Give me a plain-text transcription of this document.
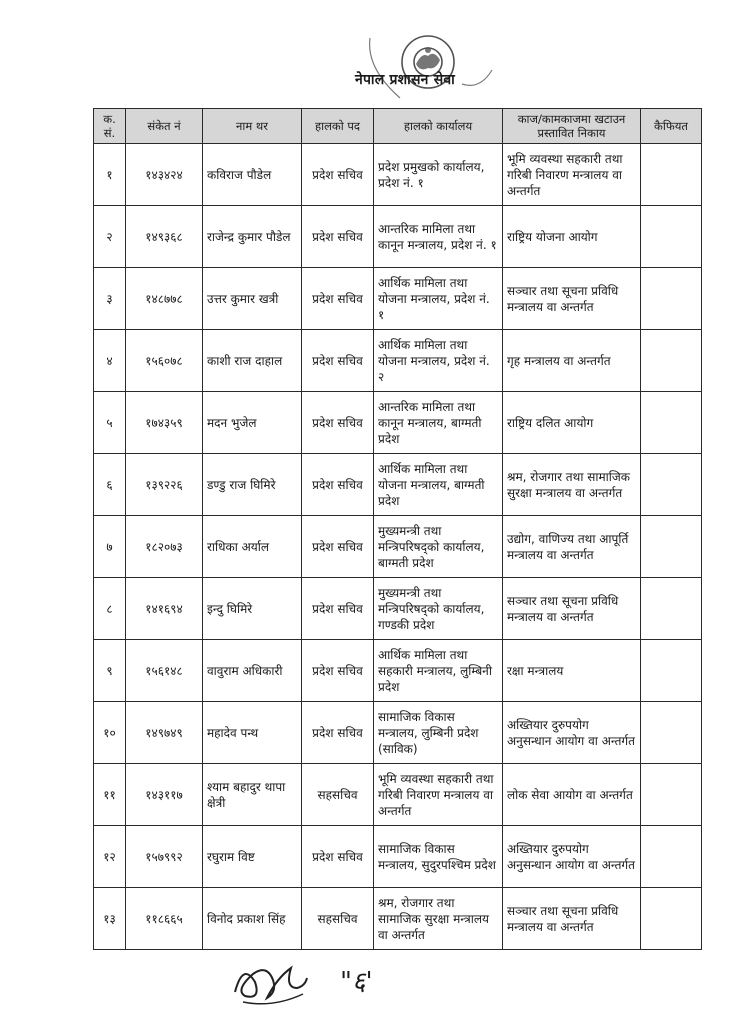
नेपाल प्रशासन सेवा
क. सं.	संकेत नं	नाम थर	हालको पद	हालको कार्यालय	काज/कामकाजमा खटाउन प्रस्तावित निकाय	कैफियत
१	१४३४२४	कविराज पौडेल	प्रदेश सचिव	प्रदेश प्रमुखको कार्यालय, प्रदेश नं. १	भूमि व्यवस्था सहकारी तथा गरिबी निवारण मन्त्रालय वा अन्तर्गत	
२	१४९३६८	राजेन्द्र कुमार पौडेल	प्रदेश सचिव	आन्तरिक मामिला तथा कानून मन्त्रालय, प्रदेश नं. १	राष्ट्रिय योजना आयोग	
३	१४८७७८	उत्तर कुमार खत्री	प्रदेश सचिव	आर्थिक मामिला तथा योजना मन्त्रालय, प्रदेश नं. १	सञ्चार तथा सूचना प्रविधि मन्त्रालय वा अन्तर्गत	
४	१५६०७८	काशी राज दाहाल	प्रदेश सचिव	आर्थिक मामिला तथा योजना मन्त्रालय, प्रदेश नं. २	गृह मन्त्रालय वा अन्तर्गत	
५	१७४३५९	मदन भुजेल	प्रदेश सचिव	आन्तरिक मामिला तथा कानून मन्त्रालय, बाग्मती प्रदेश	राष्ट्रिय दलित आयोग	
६	१३९२२६	डण्डु राज घिमिरे	प्रदेश सचिव	आर्थिक मामिला तथा योजना मन्त्रालय, बाग्मती प्रदेश	श्रम, रोजगार तथा सामाजिक सुरक्षा मन्त्रालय वा अन्तर्गत	
७	१८२०७३	राधिका अर्याल	प्रदेश सचिव	मुख्यमन्त्री तथा मन्त्रिपरिषद्को कार्यालय, बाग्मती प्रदेश	उद्योग, वाणिज्य तथा आपूर्ति मन्त्रालय वा अन्तर्गत	
८	१४१६९४	इन्दु घिमिरे	प्रदेश सचिव	मुख्यमन्त्री तथा मन्त्रिपरिषद्को कार्यालय, गण्डकी प्रदेश	सञ्चार तथा सूचना प्रविधि मन्त्रालय वा अन्तर्गत	
९	१५६१४८	वावुराम अधिकारी	प्रदेश सचिव	आर्थिक मामिला तथा सहकारी मन्त्रालय, लुम्बिनी प्रदेश	रक्षा मन्त्रालय	
१०	१४९७४९	महादेव पन्थ	प्रदेश सचिव	सामाजिक विकास मन्त्रालय, लुम्बिनी प्रदेश (साविक)	अख्तियार दुरुपयोग अनुसन्धान आयोग वा अन्तर्गत	
११	१४३११७	श्याम बहादुर थापा क्षेत्री	सहसचिव	भूमि व्यवस्था सहकारी तथा गरिबी निवारण मन्त्रालय वा अन्तर्गत	लोक सेवा आयोग वा अन्तर्गत	
१२	१५७९९२	रघुराम विष्ट	प्रदेश सचिव	सामाजिक विकास मन्त्रालय, सुदुरपश्चिम प्रदेश	अख्तियार दुरुपयोग अनुसन्धान आयोग वा अन्तर्गत	
१३	११८६६५	विनोद प्रकाश सिंह	सहसचिव	श्रम, रोजगार तथा सामाजिक सुरक्षा मन्त्रालय वा अन्तर्गत	सञ्चार तथा सूचना प्रविधि मन्त्रालय वा अन्तर्गत	
"६'
